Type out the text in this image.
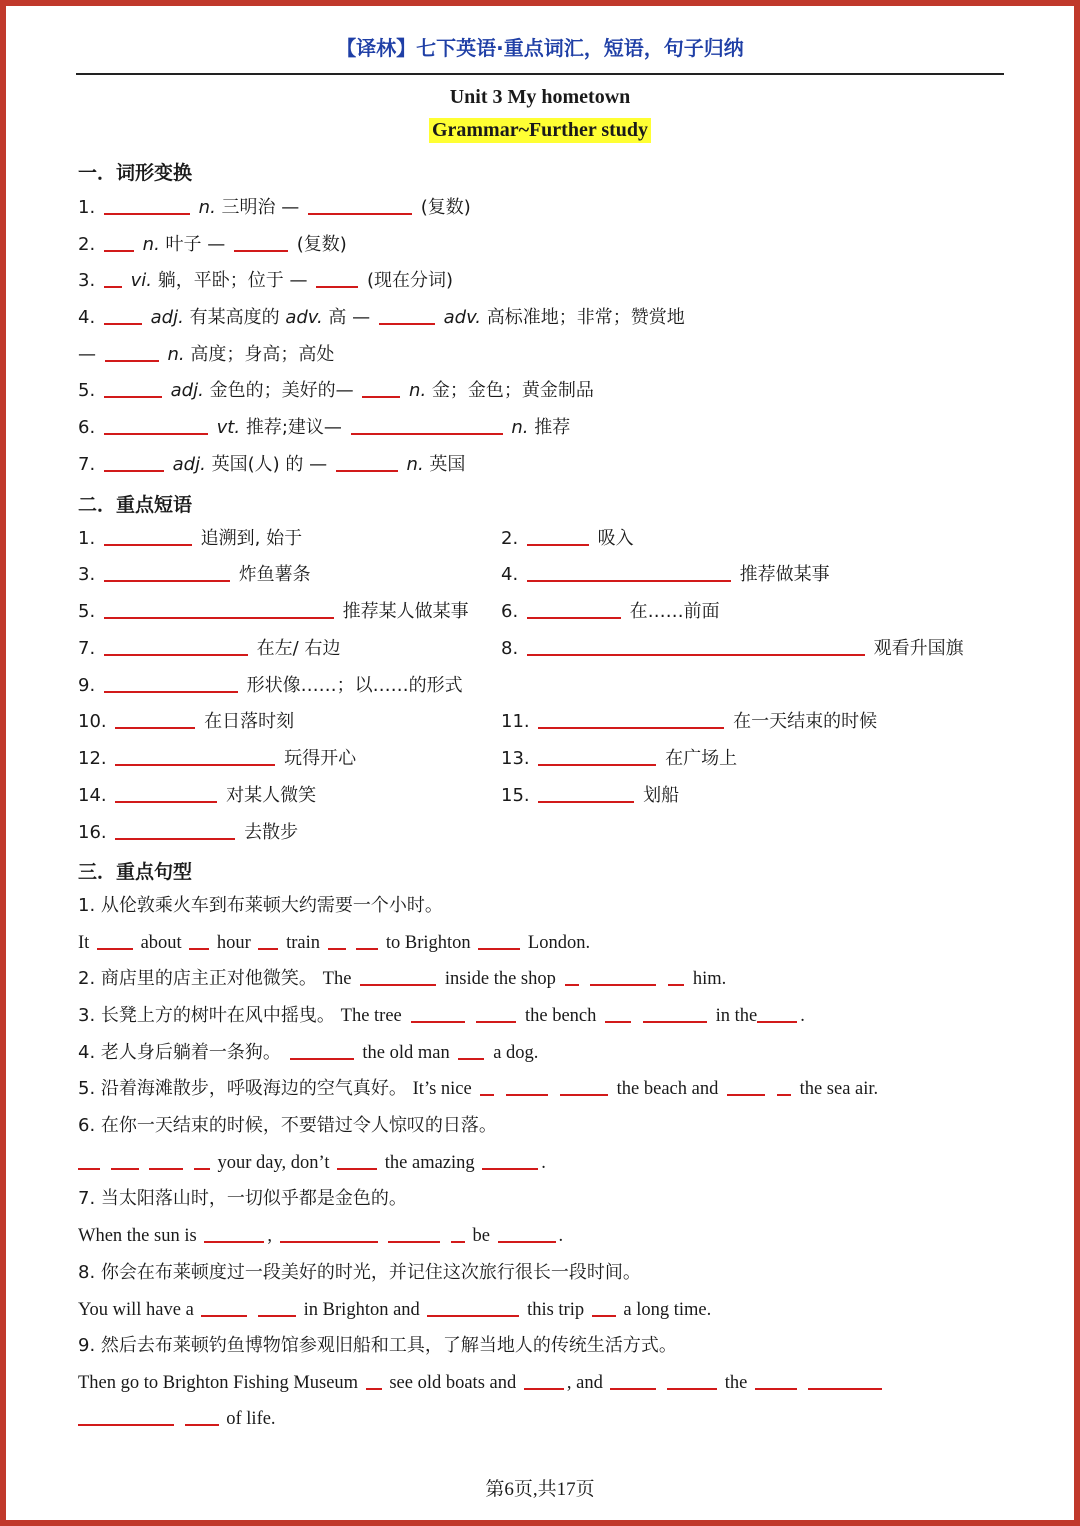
【译林】七下英语·重点词汇，短语，句子归纳
Unit 3 My hometown
Grammar~Further study
一．词形变换
1.	n. 三明治 —	(复数)
2.	n. 叶子 —	(复数)
3. vi. 躺，平卧；位于 —	(现在分词)
4.	adj. 有某高度的 adv. 高 —	adv. 高标准地；非常；赞赏地
—	n. 高度；身高；高处
5.	adj. 金色的；美好的—	n. 金；金色；黄金制品
6.	vt. 推荐;建议—	n. 推荐
7.	adj. 英国(人) 的 —	n. 英国
二．重点短语
1.	追溯到, 始于	2.	吸入
3.	炸鱼薯条	4.	推荐做某事
5.	推荐某人做某事 6.	在……前面
7.	在左/ 右边	8.	观看升国旗
9.	形状像……；以……的形式
10.	在日落时刻	11.	在一天结束的时候
12.	玩得开心	13.	在广场上
14.	对某人微笑	15.	划船
16.	去散步
三．重点句型
1. 从伦敦乘火车到布莱顿大约需要一个小时。
It	about hour train	to Brighton	London.
2. 商店里的店主正对他微笑。 The	inside the shop	him.
3. 长凳上方的树叶在风中摇曳。 The tree	the bench	in the .
4. 老人身后躺着一条狗。	the old man a dog.
5. 沿着海滩散步，呼吸海边的空气真好。 It’s nice	the beach and	the sea air.
6. 在你一天结束的时候，不要错过令人惊叹的日落。
your day, don’t	the amazing	.
7. 当太阳落山时，一切似乎都是金色的。
When the sun is	,	be	.
8. 你会在布莱顿度过一段美好的时光，并记住这次旅行很长一段时间。
You will have a	in Brighton and	this trip a long time.
9. 然后去布莱顿钓鱼博物馆参观旧船和工具，了解当地人的传统生活方式。
Then go to Brighton Fishing Museum see old boats and	, and	the
of life.
第6页,共17页
